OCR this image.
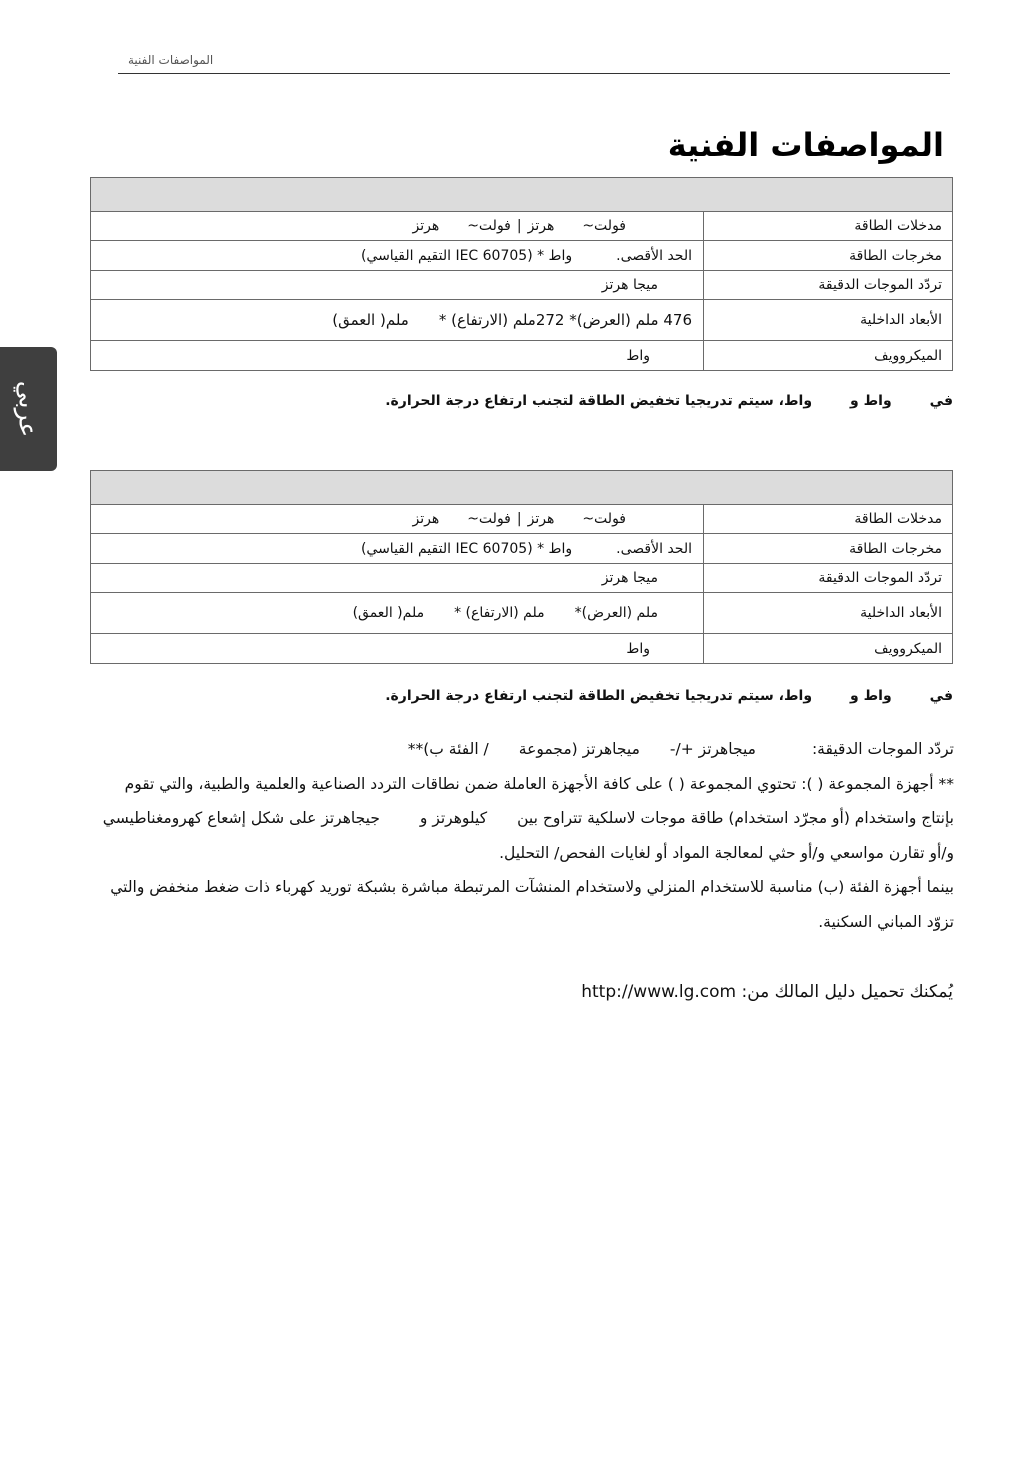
المواصفات الفنية
المواصفات الفنية
عربي

مدخلات الطاقة	فولت~هرتز|فولت~هرتز
مخرجات الطاقة	الحد الأقصى.واط * (IEC 60705 التقيم القياسي)
تردّد الموجات الدقيقة	ميجا هرتز
الأبعاد الداخلية	476 ملم (العرض)* 272ملم (الارتفاع) *ملم( العمق)
الميكروويف	واط
فيواط وواط، سيتم تدريجيا تخفيض الطاقة لتجنب ارتفاع درجة الحرارة.

مدخلات الطاقة	فولت~هرتز|فولت~هرتز
مخرجات الطاقة	الحد الأقصى.واط * (IEC 60705 التقيم القياسي)
تردّد الموجات الدقيقة	ميجا هرتز
الأبعاد الداخلية	ملم (العرض)*ملم (الارتفاع) *ملم( العمق)
الميكروويف	واط
فيواط وواط، سيتم تدريجيا تخفيض الطاقة لتجنب ارتفاع درجة الحرارة.

تردّد الموجات الدقيقة:ميجاهرتز +/-ميجاهرتز (مجموعة/ الفئة ب)**

** أجهزة المجموعة ( ): تحتوي المجموعة ( ) على كافة الأجهزة العاملة ضمن نطاقات التردد الصناعية والعلمية والطبية، والتي تقوم

بإنتاج واستخدام (أو مجرّد استخدام) طاقة موجات لاسلكية تتراوح بينكيلوهرتز وجيجاهرتز على شكل إشعاع كهرومغناطيسي

و/أو تقارن مواسعي و/أو حثي لمعالجة المواد أو لغايات الفحص/ التحليل.

بينما أجهزة الفئة (ب) مناسبة للاستخدام المنزلي ولاستخدام المنشآت المرتبطة مباشرة بشبكة توريد كهرباء ذات ضغط منخفض والتي

تزوّد المباني السكنية.

يُمكنك تحميل دليل المالك من: http://www.lg.com
